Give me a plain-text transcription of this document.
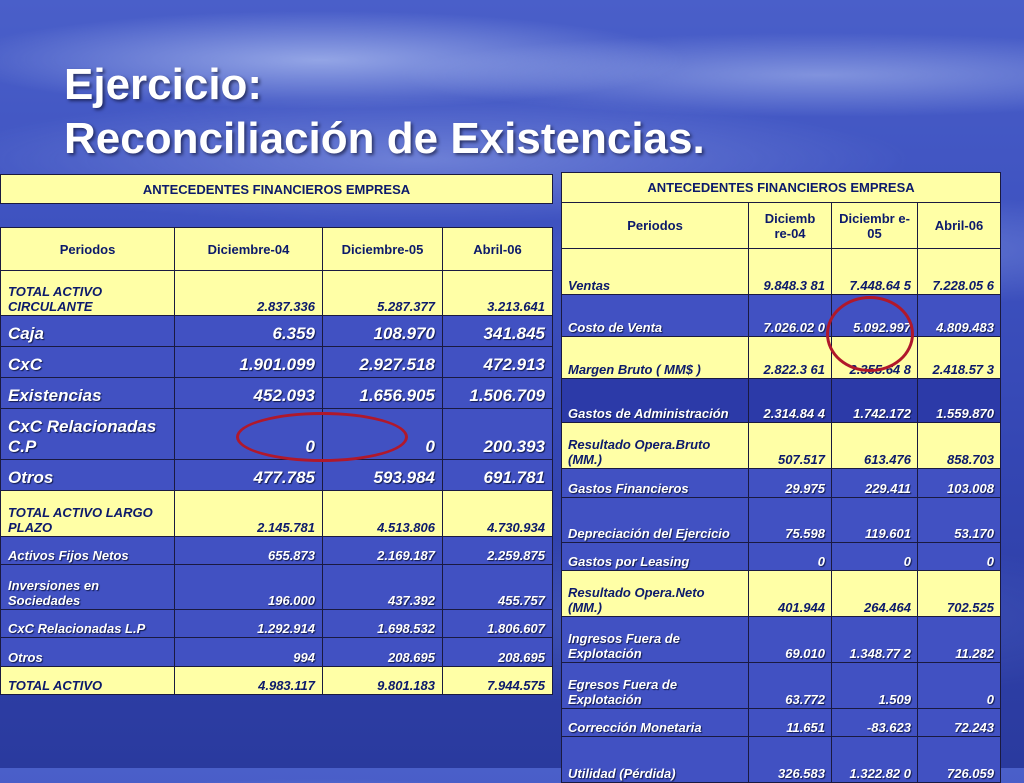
Ejercicio:
Reconciliación de Existencias.
ANTECEDENTES FINANCIEROS EMPRESA			

Periodos	Diciembre-04	Diciembre-05	Abril-06
TOTAL ACTIVO CIRCULANTE	2.837.336	5.287.377	3.213.641
Caja	6.359	108.970	341.845
CxC	1.901.099	2.927.518	472.913
Existencias	452.093	1.656.905	1.506.709
CxC Relacionadas C.P	0	0	200.393
Otros	477.785	593.984	691.781
TOTAL ACTIVO LARGO PLAZO	2.145.781	4.513.806	4.730.934
Activos Fijos Netos	655.873	2.169.187	2.259.875
Inversiones en Sociedades	196.000	437.392	455.757
CxC Relacionadas L.P	1.292.914	1.698.532	1.806.607
Otros	994	208.695	208.695
TOTAL ACTIVO	4.983.117	9.801.183	7.944.575
ANTECEDENTES FINANCIEROS EMPRESA			
Periodos	Diciemb re-04	Diciembr e-05	Abril-06
Ventas	9.848.3 81	7.448.64 5	7.228.05 6
Costo de Venta	7.026.02 0	5.092.997	4.809.483
Margen Bruto ( MM$ )	2.822.3 61	2.355.64 8	2.418.57 3
Gastos de Administración	2.314.84 4	1.742.172	1.559.870
Resultado Opera.Bruto (MM.)	507.517	613.476	858.703
Gastos Financieros	29.975	229.411	103.008
Depreciación del Ejercicio	75.598	119.601	53.170
Gastos por Leasing	0	0	0
Resultado Opera.Neto (MM.)	401.944	264.464	702.525
Ingresos Fuera de Explotación	69.010	1.348.77 2	11.282
Egresos Fuera de Explotación	63.772	1.509	0
Corrección Monetaria	11.651	-83.623	72.243
Utilidad (Pérdida)	326.583	1.322.82 0	726.059
